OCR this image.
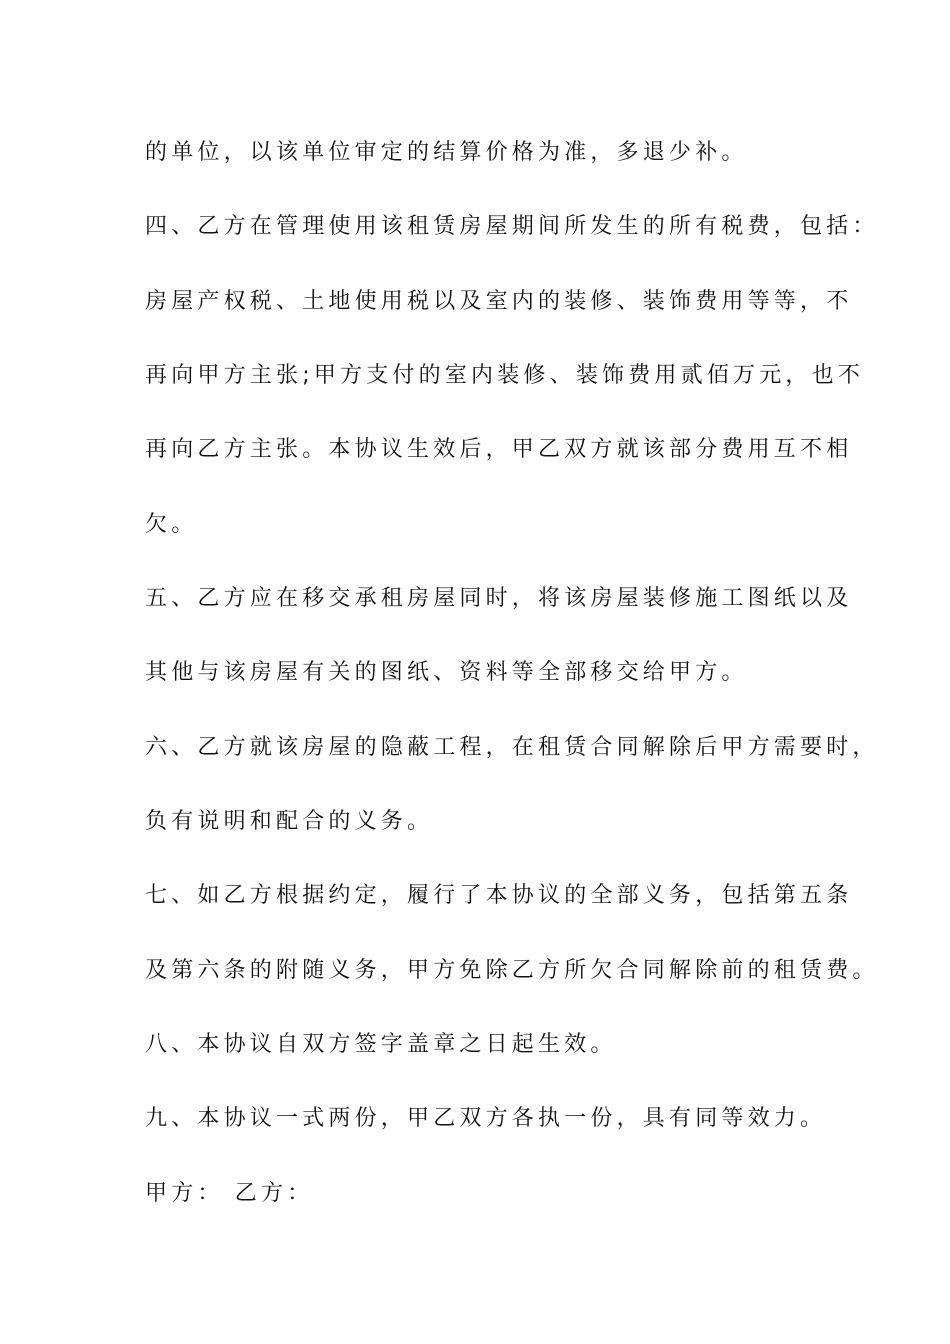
的单位，以该单位审定的结算价格为准，多退少补。
四、乙方在管理使用该租赁房屋期间所发生的所有税费，包括：
房屋产权税、土地使用税以及室内的装修、装饰费用等等，不
再向甲方主张;甲方支付的室内装修、装饰费用贰佰万元，也不
再向乙方主张。本协议生效后，甲乙双方就该部分费用互不相
欠。
五、乙方应在移交承租房屋同时，将该房屋装修施工图纸以及
其他与该房屋有关的图纸、资料等全部移交给甲方。
六、乙方就该房屋的隐蔽工程，在租赁合同解除后甲方需要时，
负有说明和配合的义务。
七、如乙方根据约定，履行了本协议的全部义务，包括第五条
及第六条的附随义务，甲方免除乙方所欠合同解除前的租赁费。
八、本协议自双方签字盖章之日起生效。
九、本协议一式两份，甲乙双方各执一份，具有同等效力。
甲方： 乙方：
